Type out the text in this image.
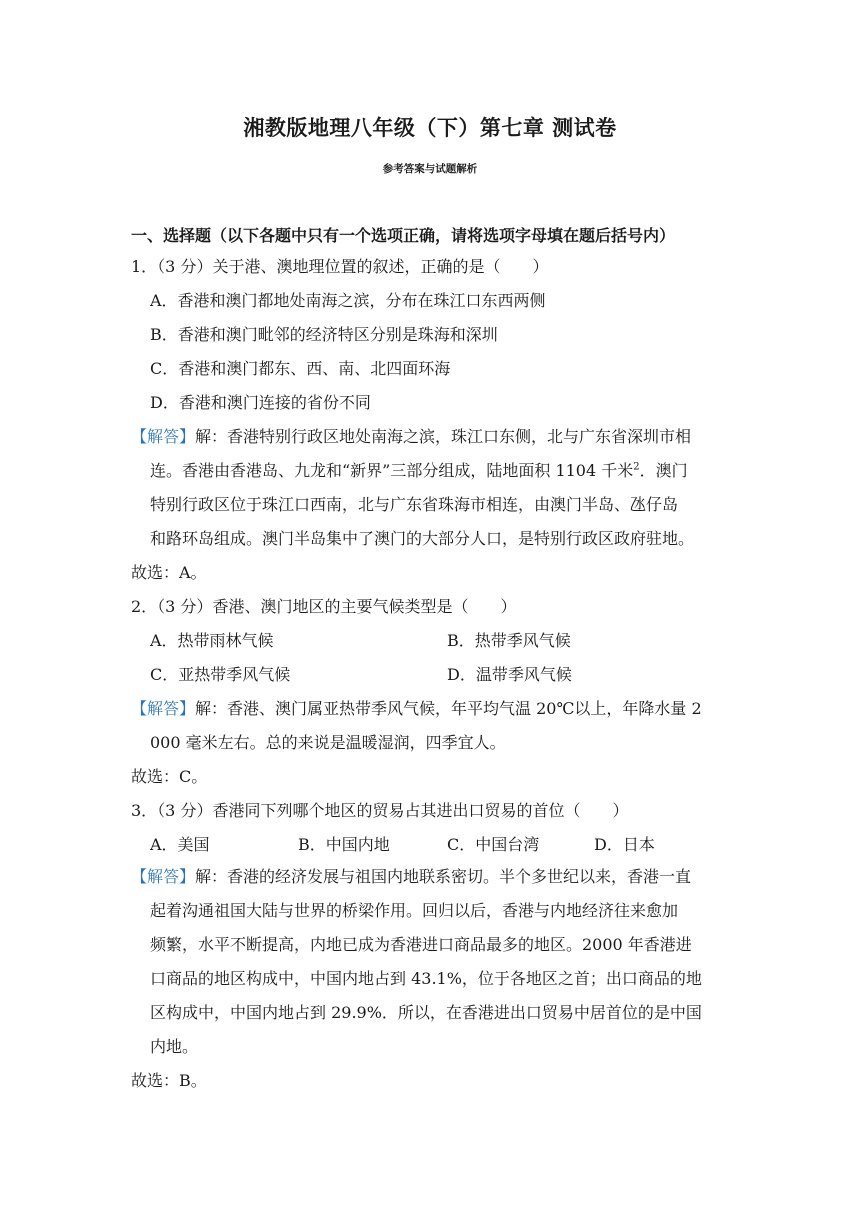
湘教版地理八年级（下）第七章 测试卷
参考答案与试题解析
一、选择题（以下各题中只有一个选项正确，请将选项字母填在题后括号内）
1．（3 分）关于港、澳地理位置的叙述，正确的是（　　）
A．香港和澳门都地处南海之滨，分布在珠江口东西两侧
B．香港和澳门毗邻的经济特区分别是珠海和深圳
C．香港和澳门都东、西、南、北四面环海
D．香港和澳门连接的省份不同
【解答】解：香港特别行政区地处南海之滨，珠江口东侧，北与广东省深圳市相
连。香港由香港岛、九龙和“新界”三部分组成，陆地面积 1104 千米$^2$．澳门
特别行政区位于珠江口西南，北与广东省珠海市相连，由澳门半岛、氹仔岛
和路环岛组成。澳门半岛集中了澳门的大部分人口，是特别行政区政府驻地。
故选：A。
2．（3 分）香港、澳门地区的主要气候类型是（　　）
A．热带雨林气候	B．热带季风气候
C．亚热带季风气候	D．温带季风气候
【解答】解：香港、澳门属亚热带季风气候，年平均气温 20℃以上，年降水量 2
000 毫米左右。总的来说是温暖湿润，四季宜人。
故选：C。
3．（3 分）香港同下列哪个地区的贸易占其进出口贸易的首位（　　）
A．美国	B．中国内地	C．中国台湾	D．日本
【解答】解：香港的经济发展与祖国内地联系密切。半个多世纪以来，香港一直
起着沟通祖国大陆与世界的桥梁作用。回归以后，香港与内地经济往来愈加
频繁，水平不断提高，内地已成为香港进口商品最多的地区。2000 年香港进
口商品的地区构成中，中国内地占到 43.1%，位于各地区之首；出口商品的地
区构成中，中国内地占到 29.9%．所以，在香港进出口贸易中居首位的是中国
内地。
故选：B。
